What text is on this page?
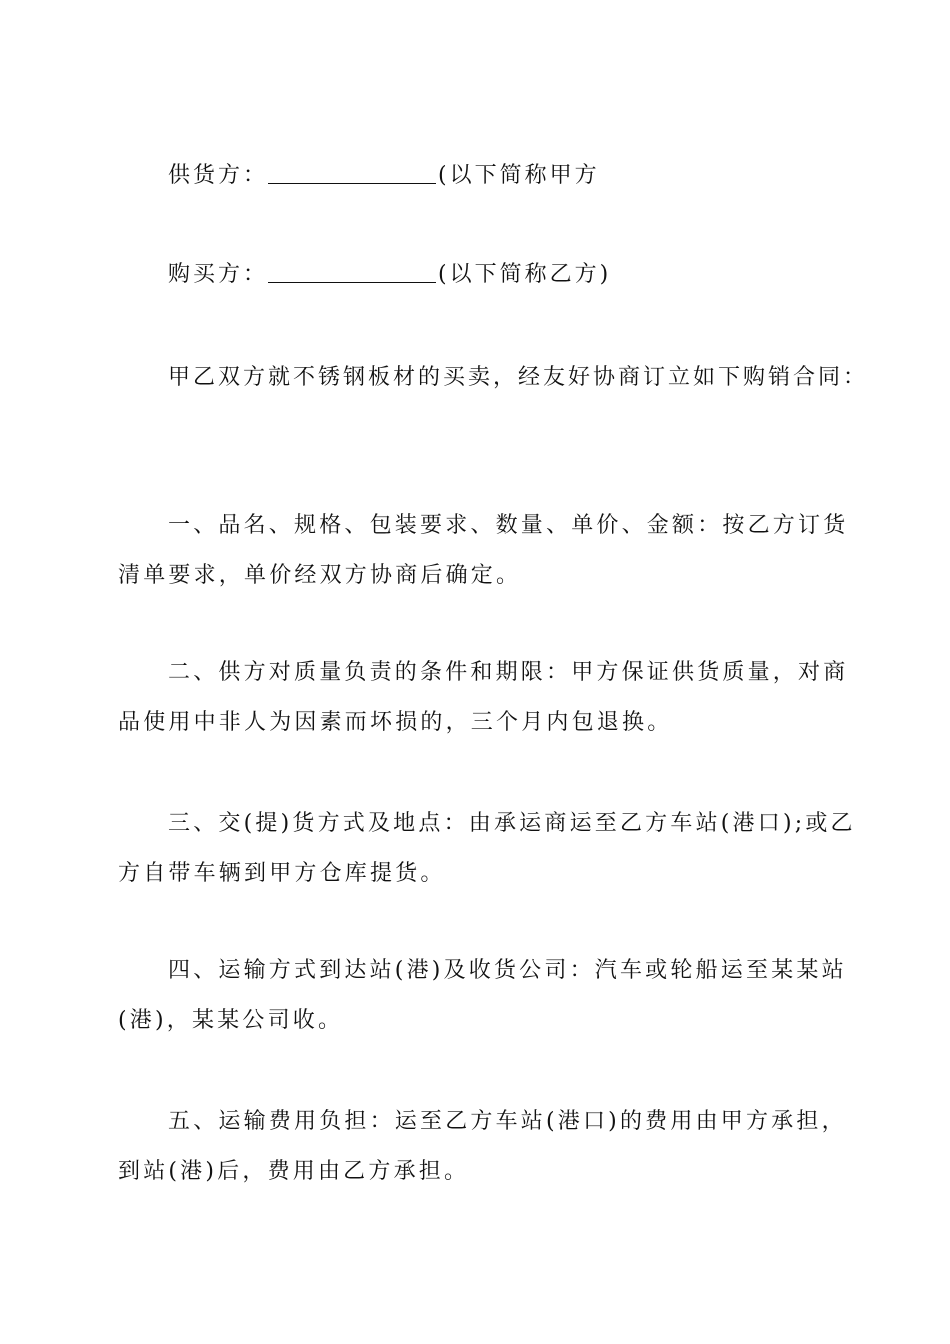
供货方：	(以下简称甲方
购买方：	(以下简称乙方)
甲乙双方就不锈钢板材的买卖，经友好协商订立如下购销合同：
一、品名、规格、包装要求、数量、单价、金额：按乙方订货
清单要求，单价经双方协商后确定。
二、供方对质量负责的条件和期限：甲方保证供货质量，对商
品使用中非人为因素而坏损的，三个月内包退换。
三、交(提)货方式及地点：由承运商运至乙方车站(港口);或乙
方自带车辆到甲方仓库提货。
四、运输方式到达站(港)及收货公司：汽车或轮船运至某某站
(港)，某某公司收。
五、运输费用负担：运至乙方车站(港口)的费用由甲方承担，
到站(港)后，费用由乙方承担。
